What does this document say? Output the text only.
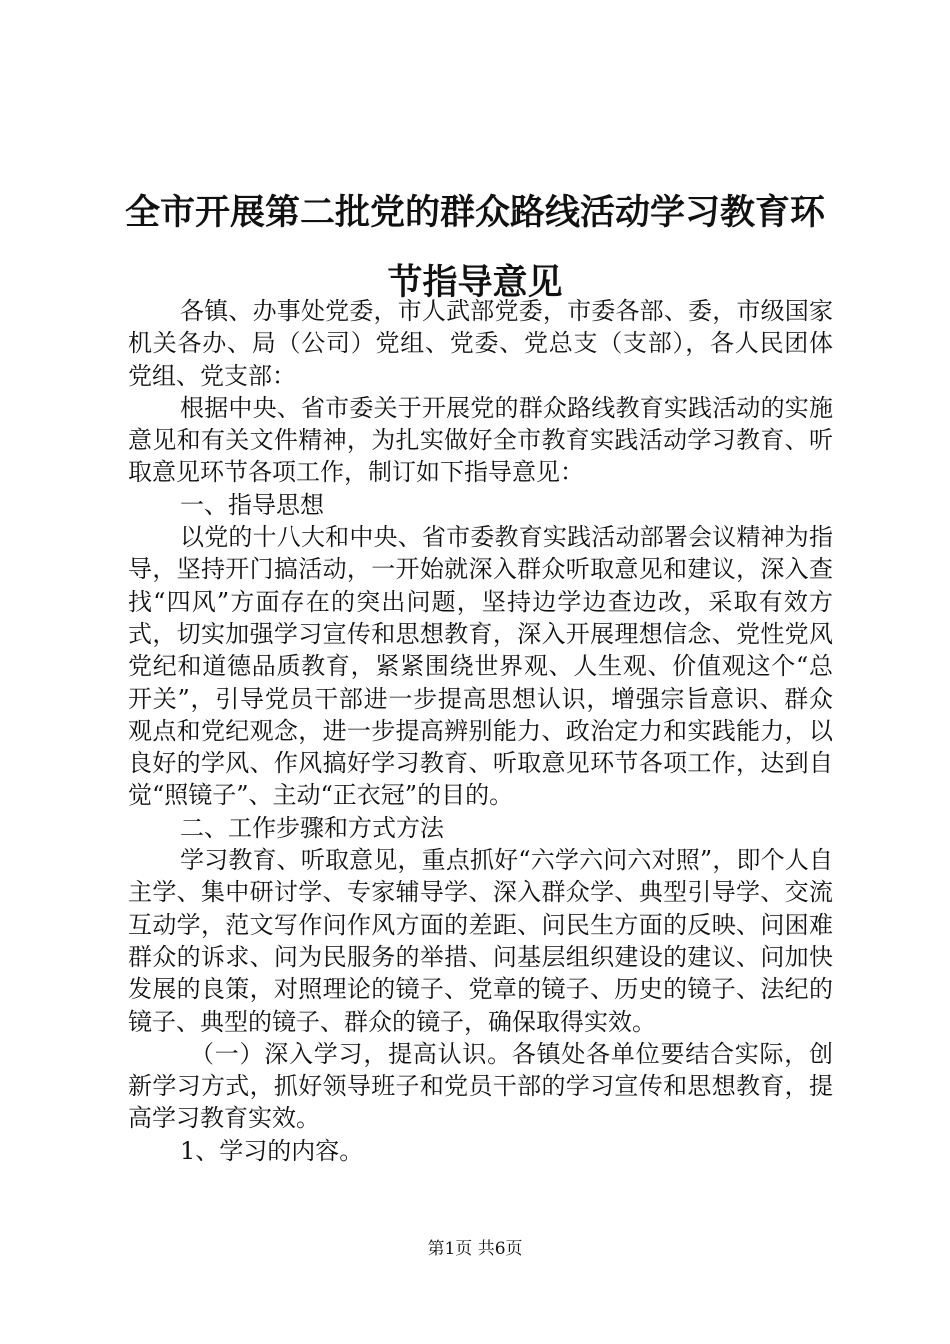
全市开展第二批党的群众路线活动学习教育环
节指导意见

各镇、办事处党委，市人武部党委，市委各部、委，市级国家机关各办、局（公司）党组、党委、党总支（支部），各人民团体党组、党支部：

根据中央、省市委关于开展党的群众路线教育实践活动的实施意见和有关文件精神，为扎实做好全市教育实践活动学习教育、听取意见环节各项工作，制订如下指导意见：

一、指导思想

以党的十八大和中央、省市委教育实践活动部署会议精神为指导，坚持开门搞活动，一开始就深入群众听取意见和建议，深入查找“四风”方面存在的突出问题，坚持边学边查边改，采取有效方式，切实加强学习宣传和思想教育，深入开展理想信念、党性党风党纪和道德品质教育，紧紧围绕世界观、人生观、价值观这个“总开关”，引导党员干部进一步提高思想认识，增强宗旨意识、群众观点和党纪观念，进一步提高辨别能力、政治定力和实践能力，以良好的学风、作风搞好学习教育、听取意见环节各项工作，达到自觉“照镜子”、主动“正衣冠”的目的。

二、工作步骤和方式方法

学习教育、听取意见，重点抓好“六学六问六对照”，即个人自主学、集中研讨学、专家辅导学、深入群众学、典型引导学、交流互动学，范文写作问作风方面的差距、问民生方面的反映、问困难群众的诉求、问为民服务的举措、问基层组织建设的建议、问加快发展的良策，对照理论的镜子、党章的镜子、历史的镜子、法纪的镜子、典型的镜子、群众的镜子，确保取得实效。

（一）深入学习，提高认识。各镇处各单位要结合实际，创新学习方式，抓好领导班子和党员干部的学习宣传和思想教育，提高学习教育实效。

1、学习的内容。

第1页 共6页
